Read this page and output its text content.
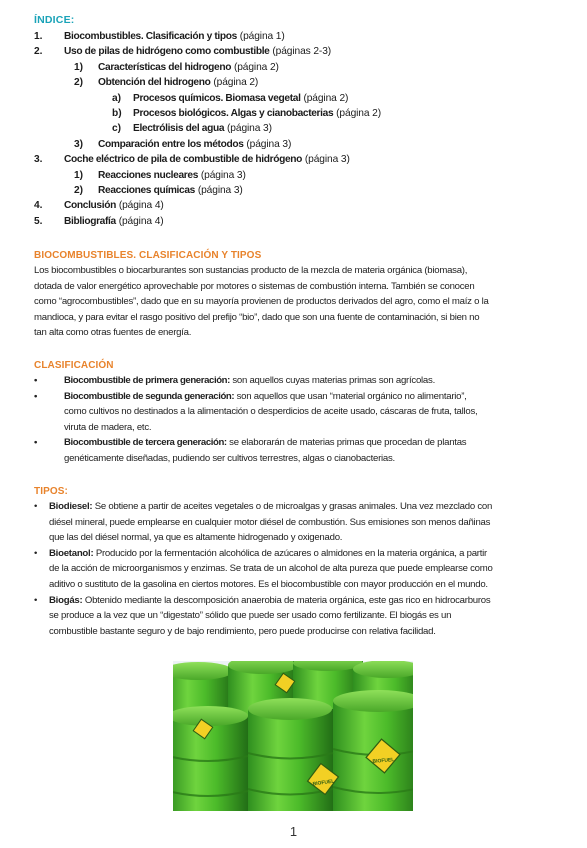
ÍNDICE:
1. Biocombustibles. Clasificación y tipos (página 1)
2. Uso de pilas de hidrógeno como combustible (páginas 2-3)
1) Características del hidrogeno (página 2)
2) Obtención del hidrogeno (página 2)
a) Procesos químicos. Biomasa vegetal (página 2)
b) Procesos biológicos. Algas y cianobacterias (página 2)
c) Electrólisis del agua (página 3)
3) Comparación entre los métodos (página 3)
3. Coche eléctrico de pila de combustible de hidrógeno (página 3)
1) Reacciones nucleares (página 3)
2) Reacciones químicas (página 3)
4. Conclusión (página 4)
5. Bibliografía (página 4)
BIOCOMBUSTIBLES. CLASIFICACIÓN Y TIPOS
Los biocombustibles o biocarburantes son sustancias producto de la mezcla de materia orgánica (biomasa),
dotada de valor energético aprovechable por motores o sistemas de combustión interna. También se conocen
como “agrocombustibles”, dado que en su mayoría provienen de productos derivados del agro, como el maíz o la
mandioca, y para evitar el rasgo positivo del prefijo “bio”, dado que son una fuente de contaminación, si bien no
tan alta como otras fuentes de energía.
CLASIFICACIÓN
•	Biocombustible de primera generación: son aquellos cuyas materias primas son agrícolas.
•	Biocombustible de segunda generación: son aquellos que usan “material orgánico no alimentario”,
como cultivos no destinados a la alimentación o desperdicios de aceite usado, cáscaras de fruta, tallos,
viruta de madera, etc.
•	Biocombustible de tercera generación: se elaborarán de materias primas que procedan de plantas
genéticamente diseñadas, pudiendo ser cultivos terrestres, algas o cianobacterias.
TIPOS:
• Biodiesel: Se obtiene a partir de aceites vegetales o de microalgas y grasas animales. Una vez mezclado con
diésel mineral, puede emplearse en cualquier motor diésel de combustión. Sus emisiones son menos dañinas
que las del diésel normal, ya que es altamente hidrogenado y oxigenado.
• Bioetanol: Producido por la fermentación alcohólica de azúcares o almidones en la materia orgánica, a partir
de la acción de microorganismos y enzimas. Se trata de un alcohol de alta pureza que puede emplearse como
aditivo o sustituto de la gasolina en ciertos motores. Es el biocombustible con mayor producción en el mundo.
• Biogás: Obtenido mediante la descomposición anaerobia de materia orgánica, este gas rico en hidrocarburos
se produce a la vez que un “digestato” sólido que puede ser usado como fertilizante. El biogás es un
combustible bastante seguro y de bajo rendimiento, pero puede producirse con relativa facilidad.
BIOFUEL
BIOFUEL
1
